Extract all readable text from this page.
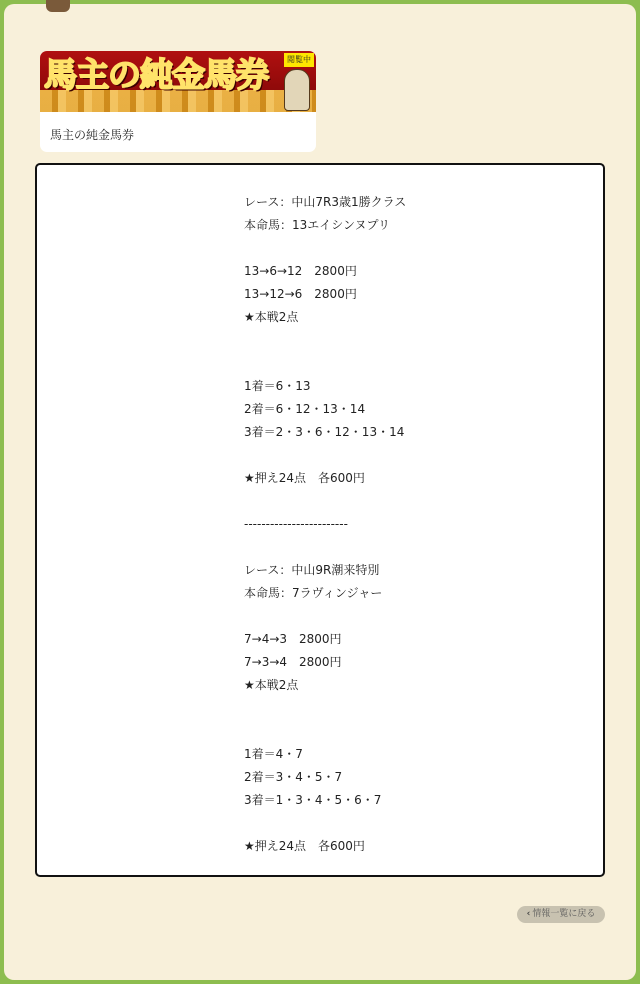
馬主の純金馬券	閲覧中
馬主の純金馬券
レース：中山7R3歳1勝クラス
本命馬：13エイシンヌプリ
13→6→12　2800円
13→12→6　2800円
★本戦2点
1着＝6・13
2着＝6・12・13・14
3着＝2・3・6・12・13・14
★押え24点　各600円
------------------------
レース：中山9R潮来特別
本命馬：7ラヴィンジャー
7→4→3　2800円
7→3→4　2800円
★本戦2点
1着＝4・7
2着＝3・4・5・7
3着＝1・3・4・5・6・7
★押え24点　各600円
‹ 情報一覧に戻る
